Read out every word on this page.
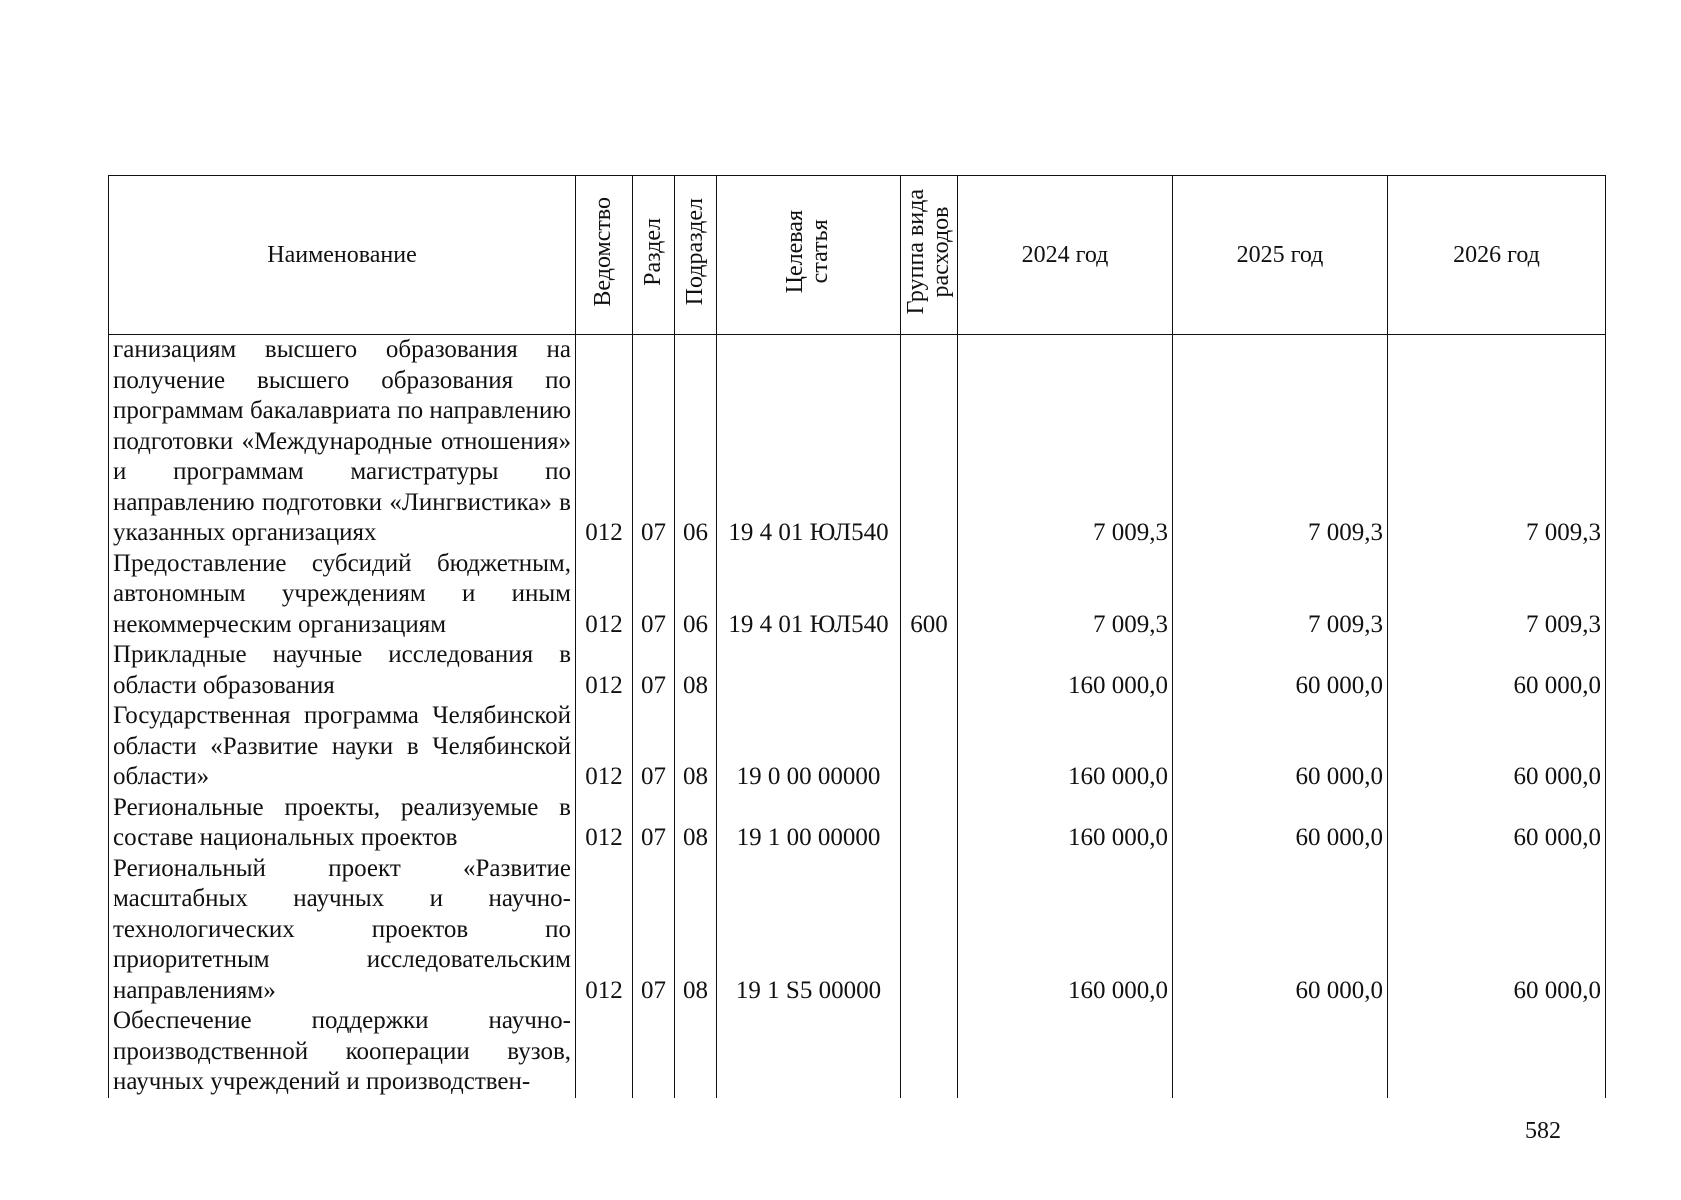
Наименование	Ведомство	Раздел	Подраздел	Целевая
статья	Группа вида
расходов	2024 год	2025 год	2026 год
ганизациям высшего образования на получение высшего образования по программам бакалавриата по направлению подготовки «Международные отношения» и программам магистратуры по направлению подготовки «Лингвистика» в указанных организациях	012	07	06	19 4 01 ЮЛ540		7 009,3	7 009,3	7 009,3
Предоставление субсидий бюджетным, автономным учреждениям и иным некоммерческим организациям	012	07	06	19 4 01 ЮЛ540	600	7 009,3	7 009,3	7 009,3
Прикладные научные исследования в области образования	012	07	08			160 000,0	60 000,0	60 000,0
Государственная программа Челябинской области «Развитие науки в Челябинской области»	012	07	08	19 0 00 00000		160 000,0	60 000,0	60 000,0
Региональные проекты, реализуемые в составе национальных проектов	012	07	08	19 1 00 00000		160 000,0	60 000,0	60 000,0
Региональный проект «Развитие масштабных научных и научно-технологических проектов по приоритетным исследовательским направлениям»	012	07	08	19 1 S5 00000		160 000,0	60 000,0	60 000,0
Обеспечение поддержки научно-производственной кооперации вузов, научных учреждений и производствен-								
582
